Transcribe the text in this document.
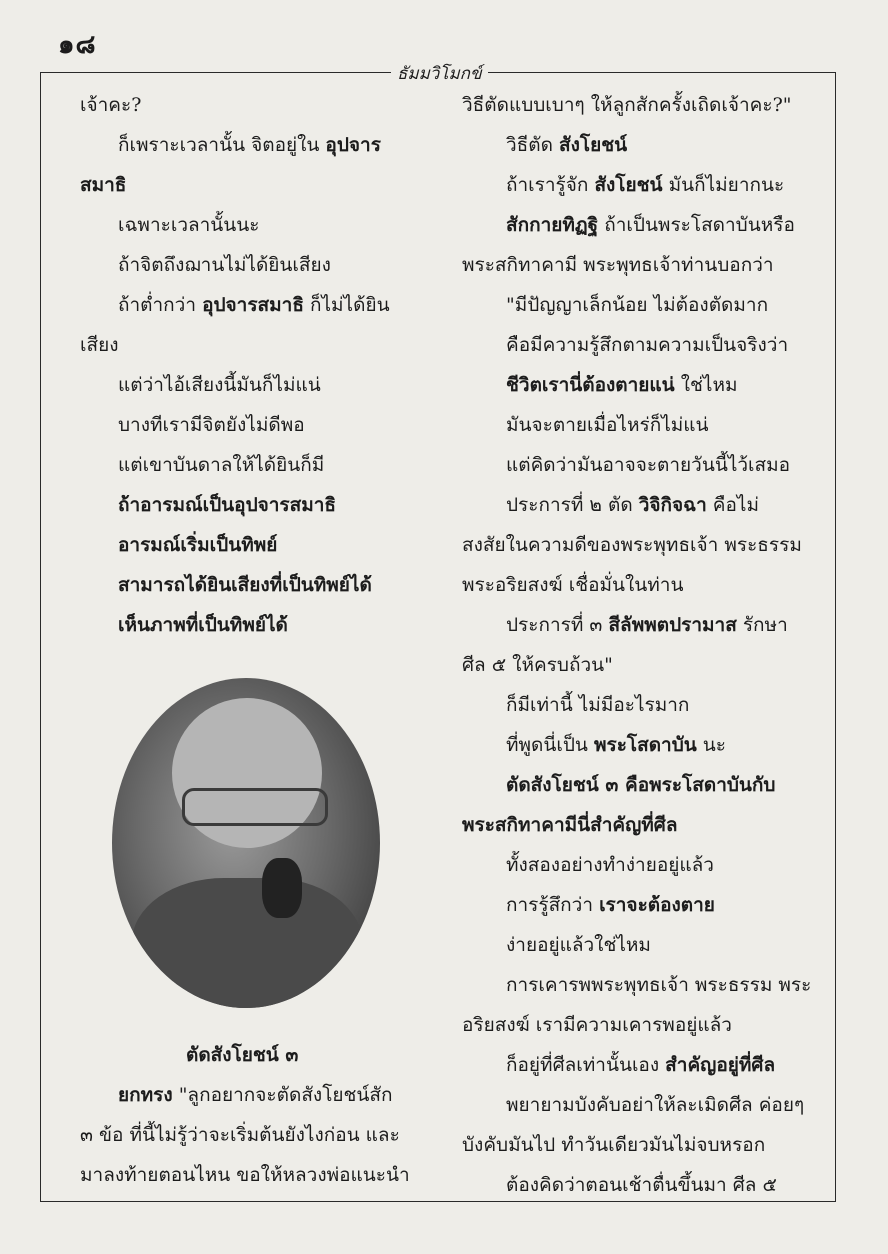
๑๘
ธัมมวิโมกข์

เจ้าคะ?

ก็เพราะเวลานั้น จิตอยู่ใน อุปจาร

สมาธิ

เฉพาะเวลานั้นนะ

ถ้าจิตถึงฌานไม่ได้ยินเสียง

ถ้าต่ำกว่า อุปจารสมาธิ ก็ไม่ได้ยิน

เสียง

แต่ว่าไอ้เสียงนี้มันก็ไม่แน่

บางทีเรามีจิตยังไม่ดีพอ

แต่เขาบันดาลให้ได้ยินก็มี

ถ้าอารมณ์เป็นอุปจารสมาธิ

อารมณ์เริ่มเป็นทิพย์

สามารถได้ยินเสียงที่เป็นทิพย์ได้

เห็นภาพที่เป็นทิพย์ได้

ตัดสังโยชน์ ๓

ยกทรง "ลูกอยากจะตัดสังโยชน์สัก

๓ ข้อ ที่นี้ไม่รู้ว่าจะเริ่มต้นยังไงก่อน และ

มาลงท้ายตอนไหน ขอให้หลวงพ่อแนะนำ

วิธีตัดแบบเบาๆ ให้ลูกสักครั้งเถิดเจ้าคะ?"

วิธีตัด สังโยชน์

ถ้าเรารู้จัก สังโยชน์ มันก็ไม่ยากนะ

สักกายทิฏฐิ ถ้าเป็นพระโสดาบันหรือ

พระสกิทาคามี พระพุทธเจ้าท่านบอกว่า

"มีปัญญาเล็กน้อย ไม่ต้องตัดมาก

คือมีความรู้สึกตามความเป็นจริงว่า

ชีวิตเรานี่ต้องตายแน่ ใช่ไหม

มันจะตายเมื่อไหร่ก็ไม่แน่

แต่คิดว่ามันอาจจะตายวันนี้ไว้เสมอ

ประการที่ ๒ ตัด วิจิกิจฉา คือไม่

สงสัยในความดีของพระพุทธเจ้า พระธรรม

พระอริยสงฆ์ เชื่อมั่นในท่าน

ประการที่ ๓ สีลัพพตปรามาส รักษา

ศีล ๕ ให้ครบถ้วน"

ก็มีเท่านี้ ไม่มีอะไรมาก

ที่พูดนี่เป็น พระโสดาบัน นะ

ตัดสังโยชน์ ๓ คือพระโสดาบันกับ

พระสกิทาคามีนี่สำคัญที่ศีล

ทั้งสองอย่างทำง่ายอยู่แล้ว

การรู้สึกว่า เราจะต้องตาย

ง่ายอยู่แล้วใช่ไหม

การเคารพพระพุทธเจ้า พระธรรม พระ

อริยสงฆ์ เรามีความเคารพอยู่แล้ว

ก็อยู่ที่ศีลเท่านั้นเอง สำคัญอยู่ที่ศีล

พยายามบังคับอย่าให้ละเมิดศีล ค่อยๆ

บังคับมันไป ทำวันเดียวมันไม่จบหรอก

ต้องคิดว่าตอนเช้าตื่นขึ้นมา ศีล ๕
